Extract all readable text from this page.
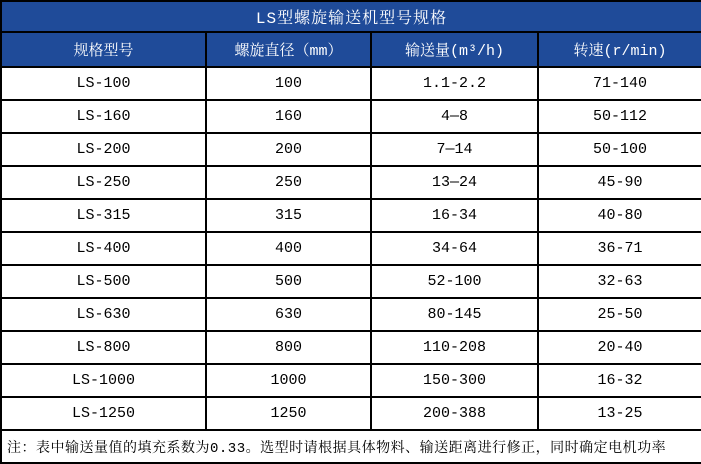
LS型螺旋输送机型号规格			
规格型号	螺旋直径（mm）	输送量(m³/h)	转速(r/min)
LS-100	100	1.1-2.2	71-140
LS-160	160	4—8	50-112
LS-200	200	7—14	50-100
LS-250	250	13—24	45-90
LS-315	315	16-34	40-80
LS-400	400	34-64	36-71
LS-500	500	52-100	32-63
LS-630	630	80-145	25-50
LS-800	800	110-208	20-40
LS-1000	1000	150-300	16-32
LS-1250	1250	200-388	13-25
注：表中输送量值的填充系数为0.33。选型时请根据具体物料、输送距离进行修正，同时确定电机功率			
